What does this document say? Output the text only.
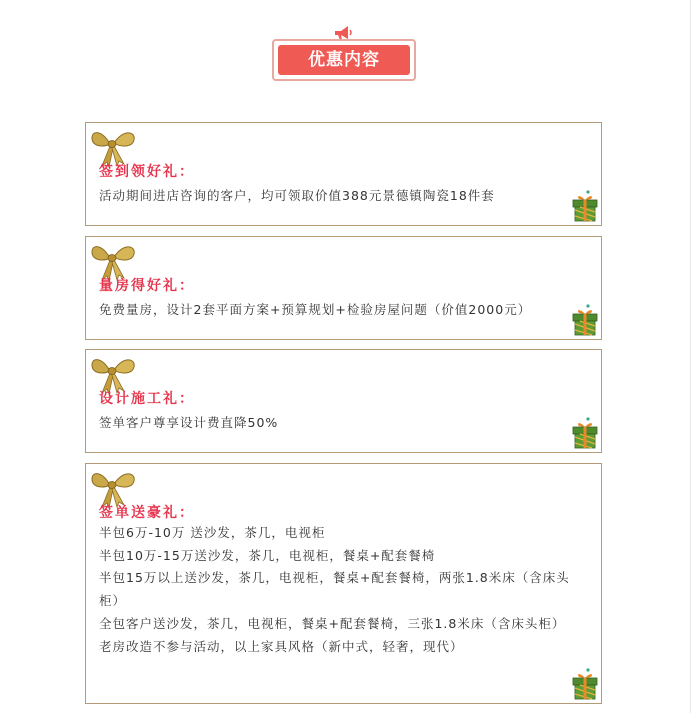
优惠内容
签到领好礼：
活动期间进店咨询的客户，均可领取价值388元景德镇陶瓷18件套
量房得好礼：
免费量房，设计2套平面方案+预算规划+检验房屋问题（价值2000元）
设计施工礼：
签单客户尊享设计费直降50%
签单送豪礼：
半包6万-10万 送沙发，茶几，电视柜
半包10万-15万送沙发，茶几，电视柜，餐桌+配套餐椅
半包15万以上送沙发，茶几，电视柜，餐桌+配套餐椅，两张1.8米床（含床头柜）
全包客户送沙发，茶几，电视柜，餐桌+配套餐椅，三张1.8米床（含床头柜）
老房改造不参与活动，以上家具风格（新中式，轻奢，现代）
